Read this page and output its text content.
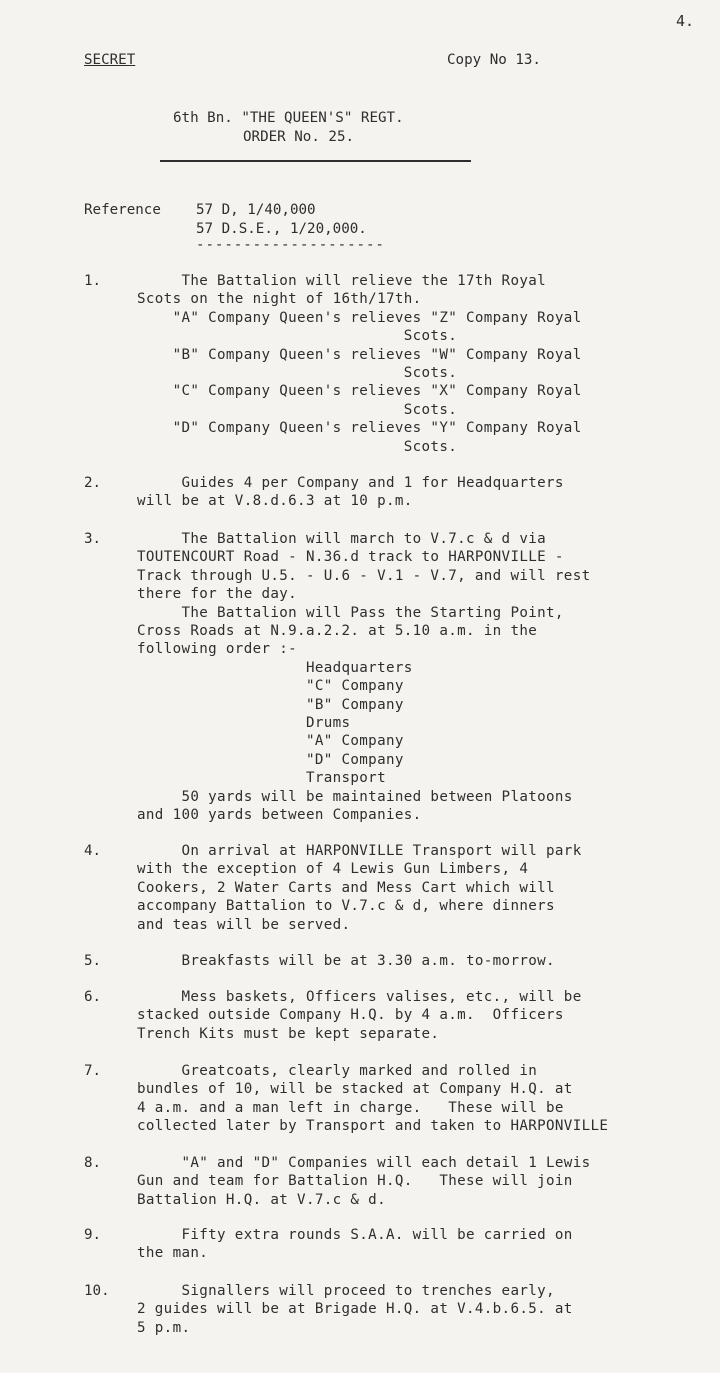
4.
SECRET	Copy No 13.
6th Bn. "THE QUEEN'S" REGT.
ORDER No. 25.
Reference 57 D, 1/40,000
57 D.S.E., 1/20,000.
--------------------
1.	The Battalion will relieve the 17th Royal
Scots on the night of 16th/17th.
"A" Company Queen's relieves "Z" Company Royal
Scots.
"B" Company Queen's relieves "W" Company Royal
Scots.
"C" Company Queen's relieves "X" Company Royal
Scots.
"D" Company Queen's relieves "Y" Company Royal
Scots.
2.	Guides 4 per Company and 1 for Headquarters
will be at V.8.d.6.3 at 10 p.m.
3.	The Battalion will march to V.7.c & d via
TOUTENCOURT Road - N.36.d track to HARPONVILLE -
Track through U.5. - U.6 - V.1 - V.7, and will rest
there for the day.
The Battalion will Pass the Starting Point,
Cross Roads at N.9.a.2.2. at 5.10 a.m. in the
following order :-
Headquarters
"C" Company
"B" Company
Drums
"A" Company
"D" Company
Transport
50 yards will be maintained between Platoons
and 100 yards between Companies.
4.	On arrival at HARPONVILLE Transport will park
with the exception of 4 Lewis Gun Limbers, 4
Cookers, 2 Water Carts and Mess Cart which will
accompany Battalion to V.7.c & d, where dinners
and teas will be served.
5.	Breakfasts will be at 3.30 a.m. to-morrow.
6.	Mess baskets, Officers valises, etc., will be
stacked outside Company H.Q. by 4 a.m.  Officers
Trench Kits must be kept separate.
7.	Greatcoats, clearly marked and rolled in
bundles of 10, will be stacked at Company H.Q. at
4 a.m. and a man left in charge.   These will be
collected later by Transport and taken to HARPONVILLE
8.	"A" and "D" Companies will each detail 1 Lewis
Gun and team for Battalion H.Q.   These will join
Battalion H.Q. at V.7.c & d.
9.	Fifty extra rounds S.A.A. will be carried on
the man.
10.	Signallers will proceed to trenches early,
2 guides will be at Brigade H.Q. at V.4.b.6.5. at
5 p.m.
